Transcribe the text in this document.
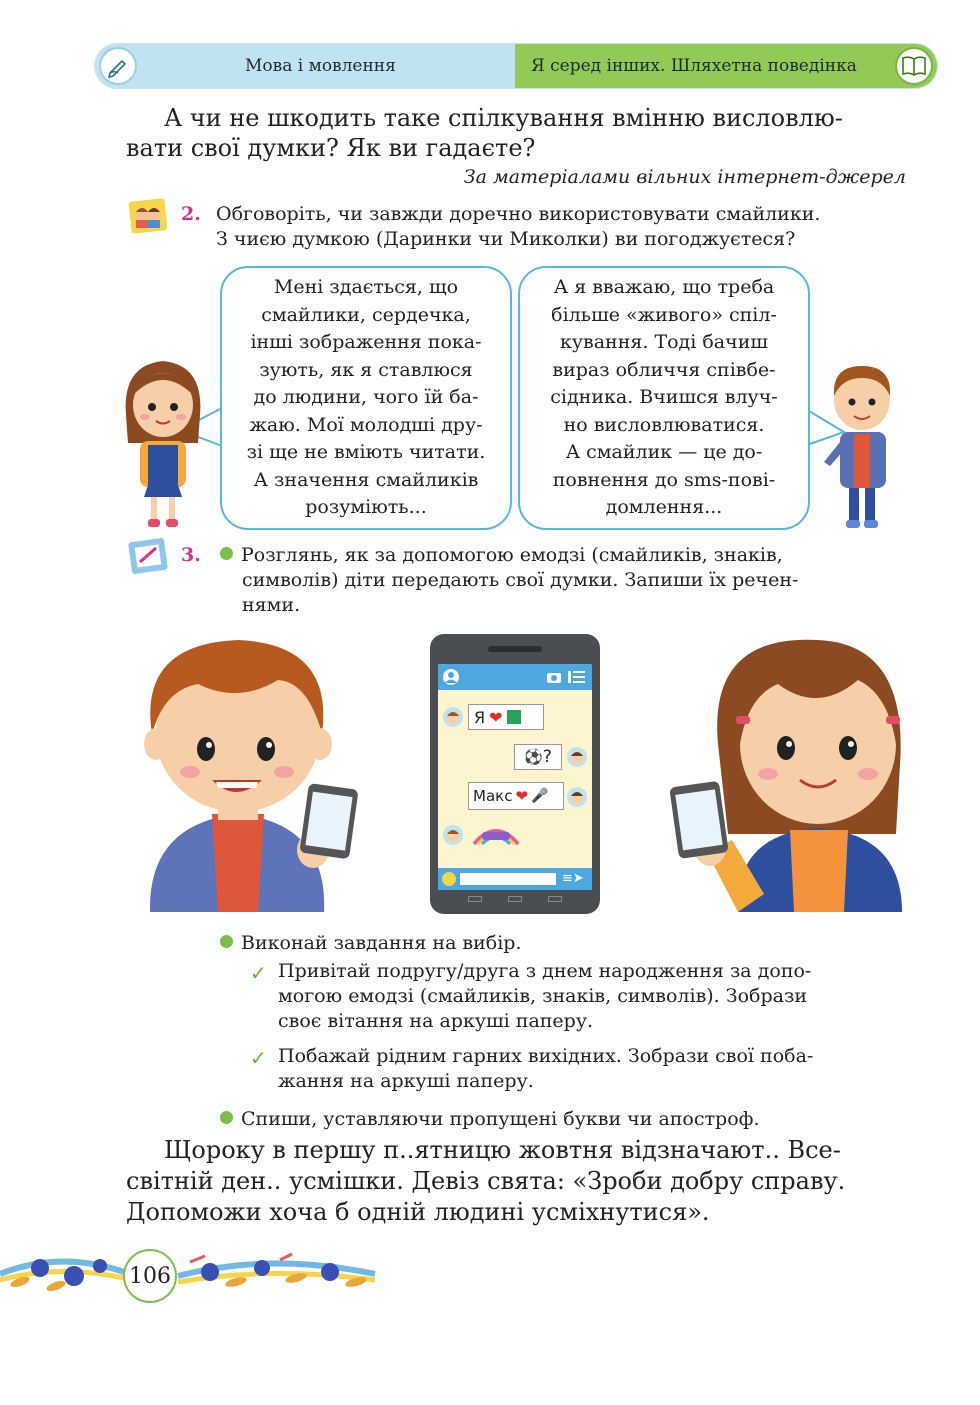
Мова і мовлення	Я серед інших. Шляхетна поведінка
А чи не шкодить таке спілкування вмінню висловлю-
вати свої думки? Як ви гадаєте?
За матеріалами вільних інтернет-джерел
2. Обговоріть, чи завжди доречно використовувати смайлики.
З чиєю думкою (Даринки чи Миколки) ви погоджуєтеся?
Мені здається, що
смайлики, сердечка,
інші зображення пока-
зують, як я ставлюся
до людини, чого їй ба-
жаю. Мої молодші дру-
зі ще не вміють читати.
А значення смайликів
розуміють...
А я вважаю, що треба
більше «живого» спіл-
кування. Тоді бачиш
вираз обличчя співбе-
сідника. Вчишся влуч-
но висловлюватися.
А смайлик — це до-
повнення до sms-пові-
домлення...
3.	Розглянь, як за допомогою емодзі (смайликів, знаків,
символів) діти передають свої думки. Запиши їх речен-
нями.
Я ❤
⚽ ?
Макс ❤ 🎤
≡➤
Виконай завдання на вибір.
✓ Привітай подругу/друга з днем народження за допо-
могою емодзі (смайликів, знаків, символів). Зобрази
своє вітання на аркуші паперу.
✓ Побажай рідним гарних вихідних. Зобрази свої поба-
жання на аркуші паперу.
Спиши, уставляючи пропущені букви чи апостроф.
Щороку в першу п..ятницю жовтня відзначают.. Все-
світній ден.. усмішки. Девіз свята: «Зроби добру справу.
Допоможи хоча б одній людині усміхнутися».
106
